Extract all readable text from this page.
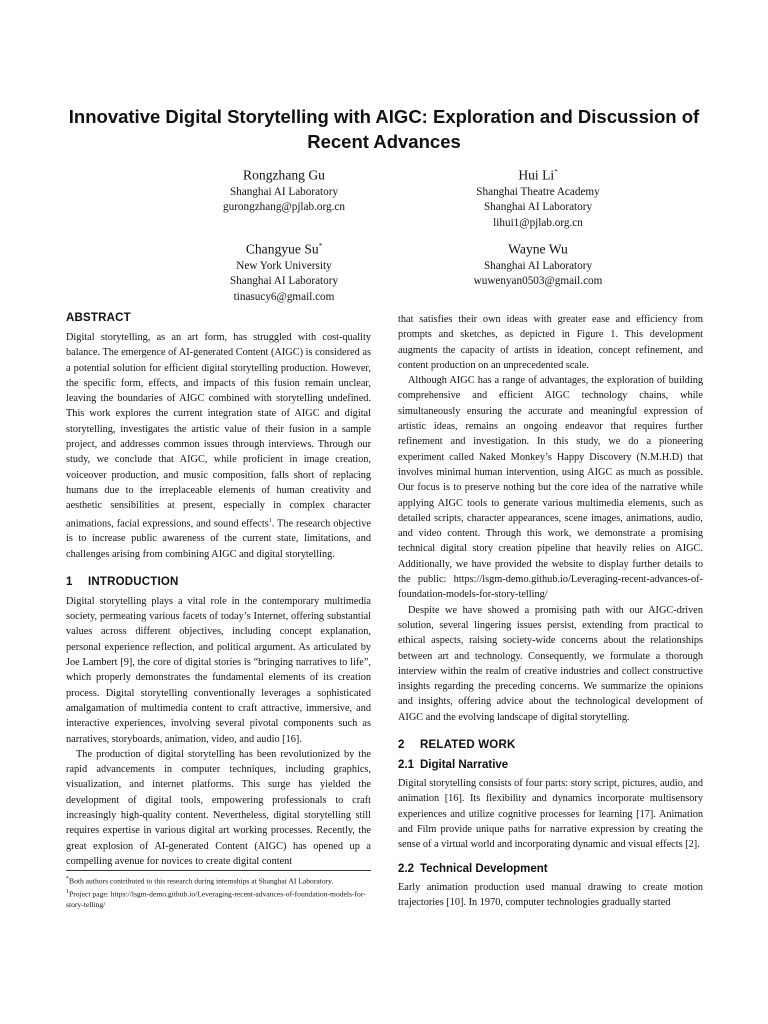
Innovative Digital Storytelling with AIGC: Exploration and Discussion of Recent Advances
Rongzhang Gu
Shanghai AI Laboratory
gurongzhang@pjlab.org.cn
Hui Li*
Shanghai Theatre Academy
Shanghai AI Laboratory
lihui1@pjlab.org.cn
Changyue Su*
New York University
Shanghai AI Laboratory
tinasucy6@gmail.com
Wayne Wu
Shanghai AI Laboratory
wuwenyan0503@gmail.com
ABSTRACT

Digital storytelling, as an art form, has struggled with cost-quality balance. The emergence of AI-generated Content (AIGC) is considered as a potential solution for efficient digital storytelling production. However, the specific form, effects, and impacts of this fusion remain unclear, leaving the boundaries of AIGC combined with storytelling undefined. This work explores the current integration state of AIGC and digital storytelling, investigates the artistic value of their fusion in a sample project, and addresses common issues through interviews. Through our study, we conclude that AIGC, while proficient in image creation, voiceover production, and music composition, falls short of replacing humans due to the irreplaceable elements of human creativity and aesthetic sensibilities at present, especially in complex character animations, facial expressions, and sound effects$^1$. The research objective is to increase public awareness of the current state, limitations, and challenges arising from combining AIGC and digital storytelling.

1 INTRODUCTION

Digital storytelling plays a vital role in the contemporary multimedia society, permeating various facets of today’s Internet, offering substantial values across different objectives, including concept explanation, personal experience reflection, and political argument. As articulated by Joe Lambert [9], the core of digital stories is “bringing narratives to life”, which properly demonstrates the fundamental elements of its creation process. Digital storytelling conventionally leverages a sophisticated amalgamation of multimedia content to craft attractive, immersive, and interactive experiences, involving several pivotal components such as narratives, storyboards, animation, video, and audio [16].

The production of digital storytelling has been revolutionized by the rapid advancements in computer techniques, including graphics, visualization, and internet platforms. This surge has yielded the development of digital tools, empowering professionals to craft increasingly high-quality content. Nevertheless, digital storytelling still requires expertise in various digital art working processes. Recently, the great explosion of AI-generated Content (AIGC) has opened up a compelling avenue for novices to create digital content

*Both authors contributed to this research during internships at Shanghai AI Laboratory.
$^1$Project page: https://lsgm-demo.github.io/Leveraging-recent-advances-of-foundation-models-for-story-telling/

that satisfies their own ideas with greater ease and efficiency from prompts and sketches, as depicted in Figure 1. This development augments the capacity of artists in ideation, concept refinement, and content production on an unprecedented scale.

Although AIGC has a range of advantages, the exploration of building comprehensive and efficient AIGC technology chains, while simultaneously ensuring the accurate and meaningful expression of artistic ideas, remains an ongoing endeavor that requires further refinement and investigation. In this study, we do a pioneering experiment called Naked Monkey’s Happy Discovery (N.M.H.D) that involves minimal human intervention, using AIGC as much as possible. Our focus is to preserve nothing but the core idea of the narrative while applying AIGC tools to generate various multimedia elements, such as detailed scripts, character appearances, scene images, animations, audio, and video content. Through this work, we demonstrate a promising technical digital story creation pipeline that heavily relies on AIGC. Additionally, we have provided the website to display further details to the public: https://lsgm-demo.github.io/Leveraging-recent-advances-of-foundation-models-for-story-telling/

Despite we have showed a promising path with our AIGC-driven solution, several lingering issues persist, extending from practical to ethical aspects, raising society-wide concerns about the relationships between art and technology. Consequently, we formulate a thorough interview within the realm of creative industries and collect constructive insights regarding the preceding concerns. We summarize the opinions and insights, offering advice about the technological development of AIGC and the evolving landscape of digital storytelling.

2 RELATED WORK
2.1 Digital Narrative

Digital storytelling consists of four parts: story script, pictures, audio, and animation [16]. Its flexibility and dynamics incorporate multisensory experiences and utilize cognitive processes for learning [17]. Animation and Film provide unique paths for narrative expression by creating the sense of a virtual world and incorporating dynamic and visual effects [2].

2.2 Technical Development

Early animation production used manual drawing to create motion trajectories [10]. In 1970, computer technologies gradually started
